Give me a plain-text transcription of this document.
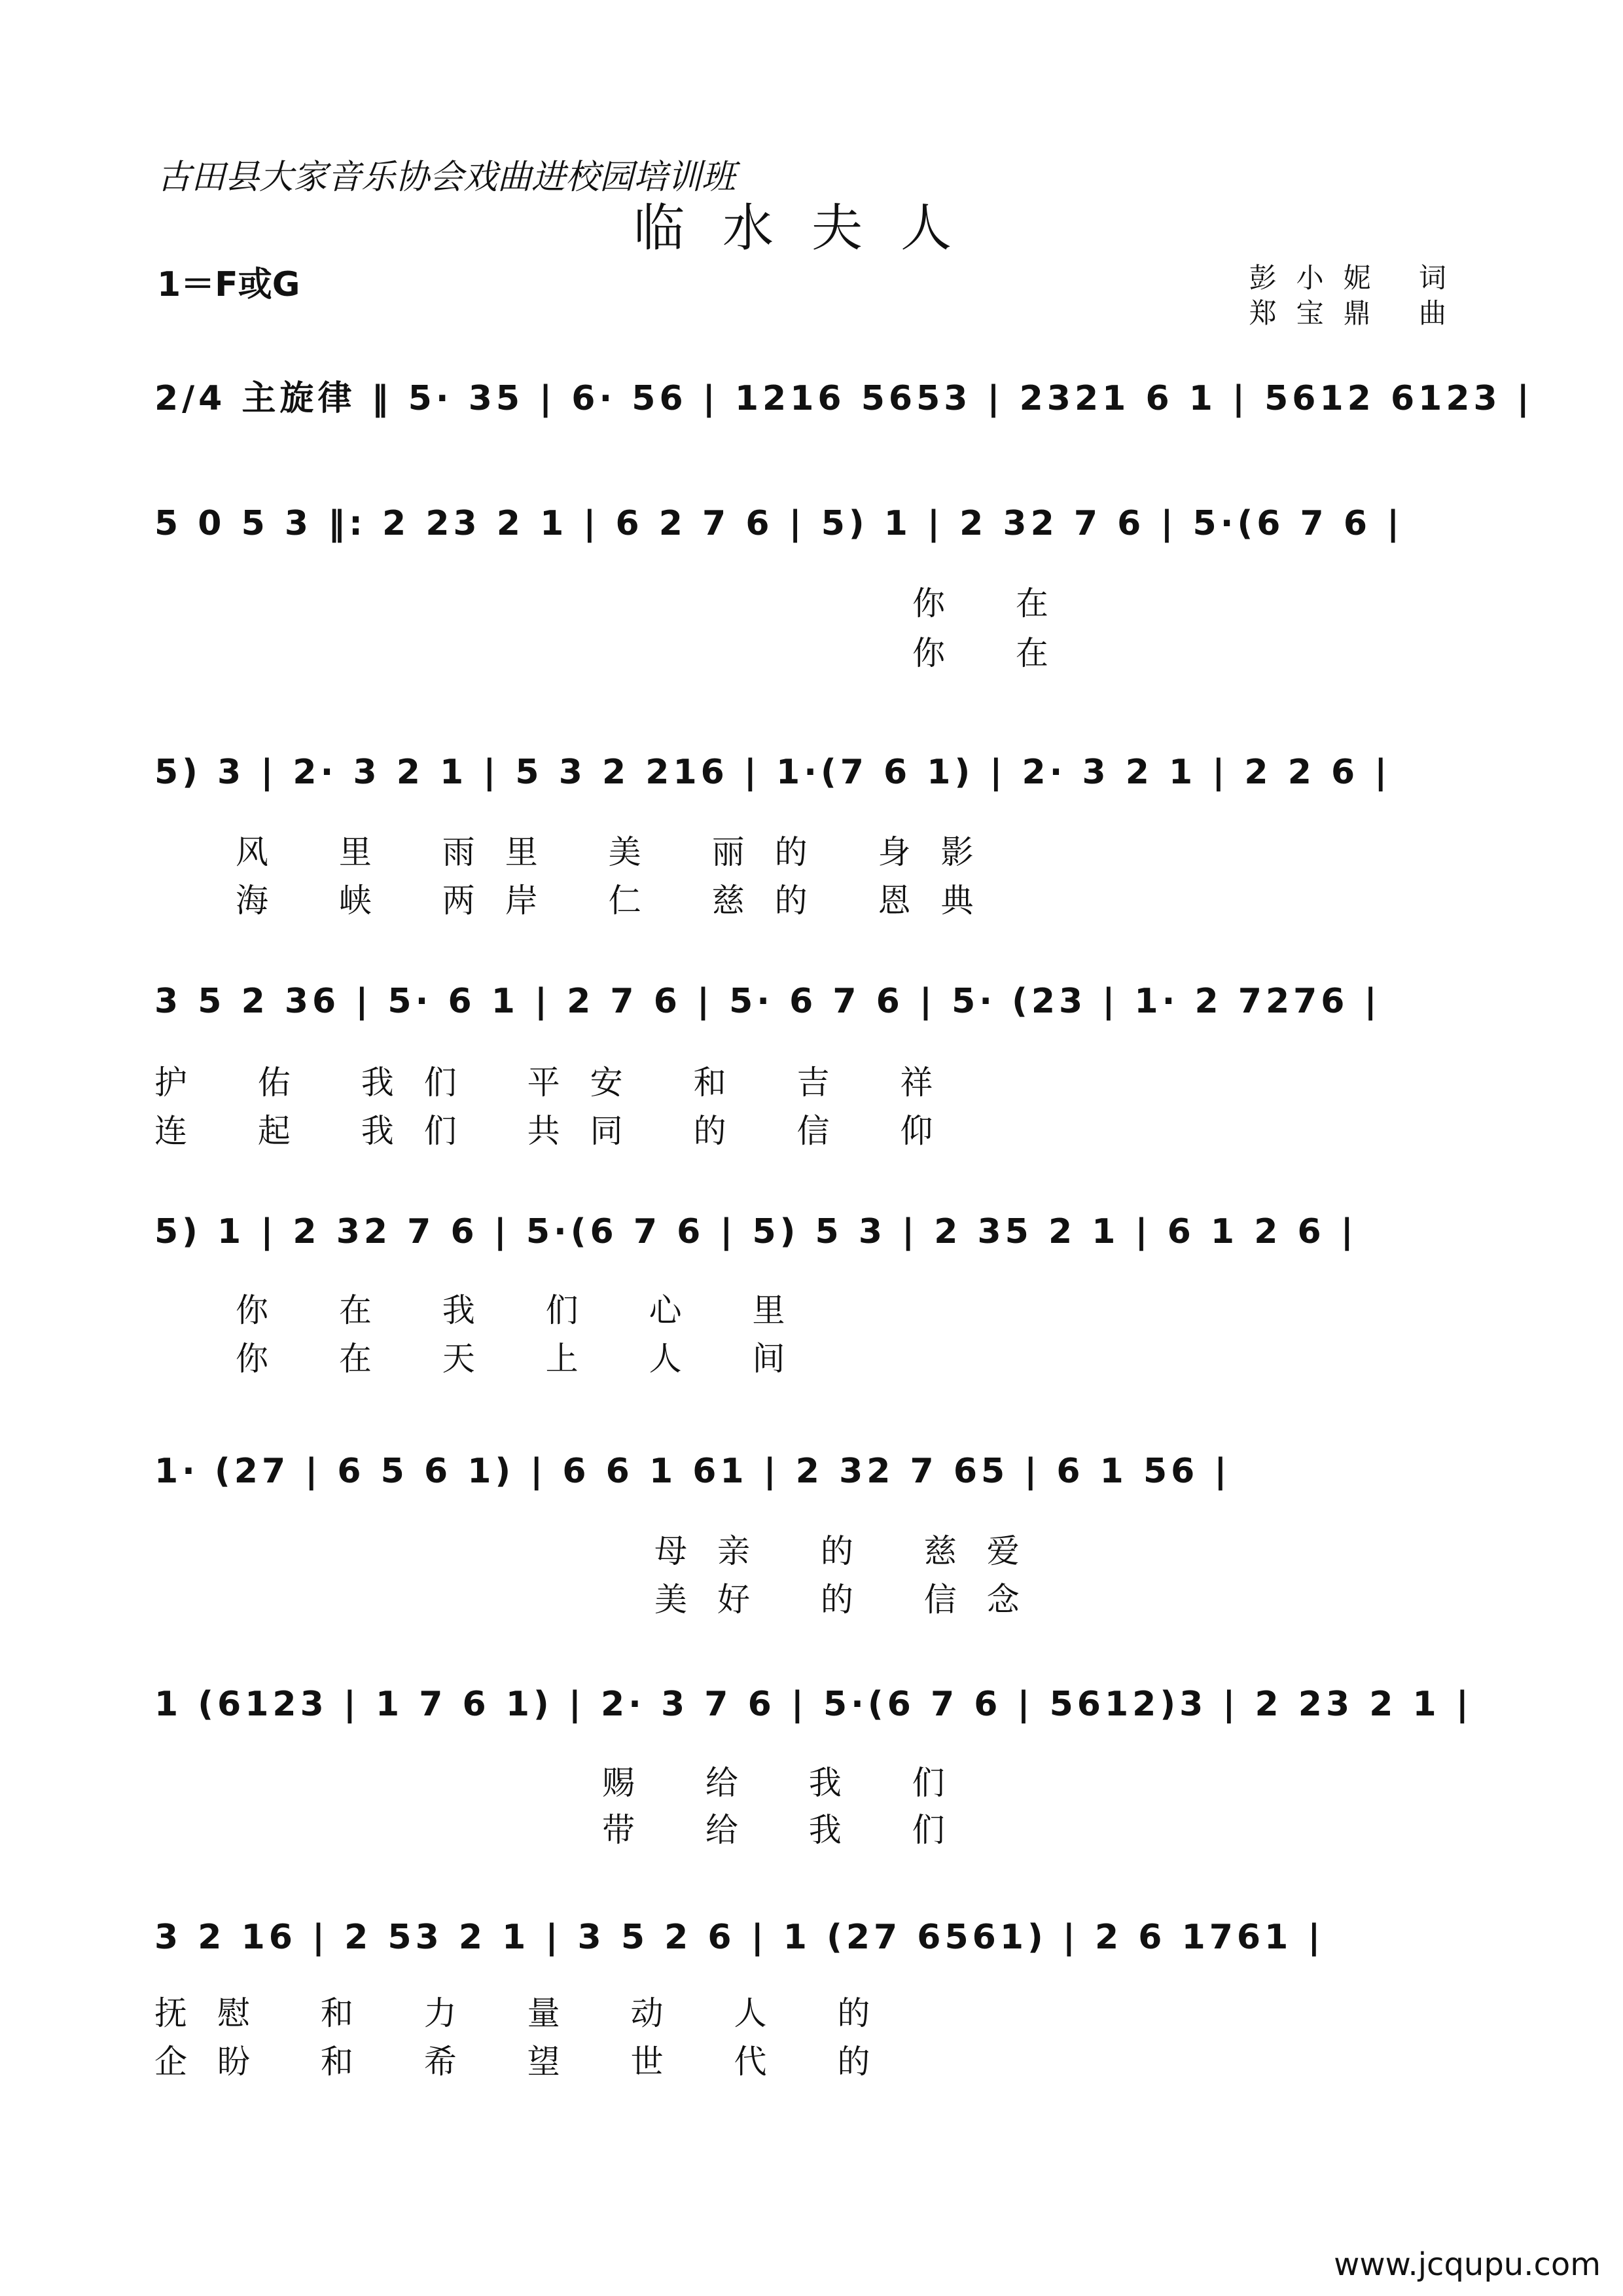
古田县大家音乐协会戏曲进校园培训班
临水夫人
1＝F或G	彭小妮 词
郑宝鼎 曲
2/4 主旋律 ‖ 5· 35 | 6· 56 | 1216 5653 | 2321 6 1 | 5612 6123 |
5 0 5 3 ‖: 2 23 2 1 | 6 2 7 6 | 5) 1 | 2 32 7 6 | 5·(6 7 6 |
你 在
你 在
5) 3 | 2· 3 2 1 | 5 3 2 216 | 1·(7 6 1) | 2· 3 2 1 | 2 2 6 |
风 里 雨里 美 丽的 身影
海 峡 两岸 仁 慈的 恩典
3 5 2 36 | 5· 6 1 | 2 7 6 | 5· 6 7 6 | 5· (23 | 1· 2 7276 |
护 佑 我们 平安 和 吉 祥
连 起 我们 共同 的 信 仰
5) 1 | 2 32 7 6 | 5·(6 7 6 | 5) 5 3 | 2 35 2 1 | 6 1 2 6 |
你 在 我 们 心 里
你 在 天 上 人 间
1· (27 | 6 5 6 1) | 6 6 1 61 | 2 32 7 65 | 6 1 56 |
母亲 的 慈爱
美好 的 信念
1 (6123 | 1 7 6 1) | 2· 3 7 6 | 5·(6 7 6 | 5612)3 | 2 23 2 1 |
赐 给 我 们
带 给 我 们
3 2 16 | 2 53 2 1 | 3 5 2 6 | 1 (27 6561) | 2 6 1761 |
抚慰 和 力 量 动 人 的
企盼 和 希 望 世 代 的
www.jcqupu.com
